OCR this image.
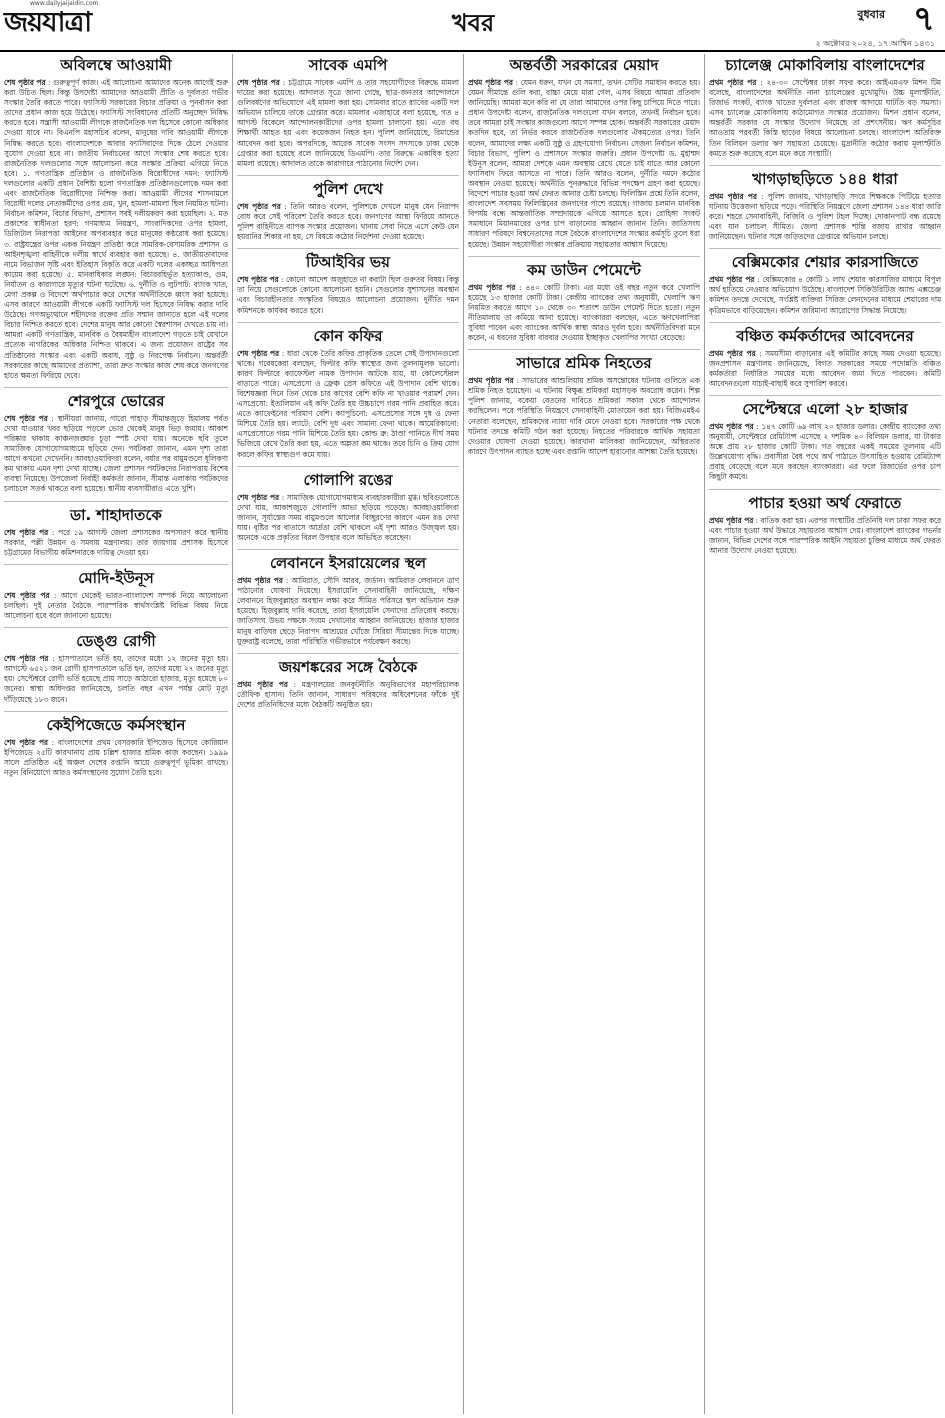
www.dailyjaijaidin.com
জয়যাত্রা	খবর	বুধবার ৭
২ অক্টোবর ২০২৪, ১৭ আশ্বিন ১৪৩১
অবিলম্বে আওয়ামী

শেষ পৃষ্ঠার পর : গুরুত্বপূর্ণ কাজ। এই আলোচনা আমাদের অনেক আগেই শুরু করা উচিত ছিল। কিন্তু উপদেষ্টা আমাদের আওয়ামী প্রীতি ও দুর্বলতা গভীর সংস্কার তৈরি করতে পারে। ফ্যাসিস্ট সরকারের বিচার প্রক্রিয়া ও পুনর্বাসন করা তাদের প্রধান কাজ হয়ে উঠেছে। ফ্যাসিস্ট সংবিধানের প্রতিটি অনুচ্ছেদ নিষিদ্ধ করতে হবে। সন্ত্রাসী আওয়ামী লীগকে রাজনৈতিক দল হিসেবে কোনো অধিকার দেওয়া যাবে না। বিএনপি মহাসচিব বলেন, মানুষের দাবি আওয়ামী লীগকে নিষিদ্ধ করতে হবে। বাংলাদেশকে আবার ফ্যাসিবাদের দিকে ঠেলে দেওয়ার সুযোগ দেওয়া হবে না। জাতীয় নির্বাচনের আগে সংস্কার শেষ করতে হবে। রাজনৈতিক দলগুলোর সঙ্গে আলোচনা করে সংস্কার প্রক্রিয়া এগিয়ে নিতে হবে। ১. গণতান্ত্রিক প্রতিষ্ঠান ও রাজনৈতিক বিরোধীদের দমন: ফ্যাসিস্ট দলগুলোর একটি প্রধান বৈশিষ্ট্য হলো গণতান্ত্রিক প্রতিষ্ঠানগুলোকে দমন করা এবং রাজনৈতিক বিরোধীদের নিশ্চিহ্ন করা। আওয়ামী লীগের শাসনামলে বিরোধী দলের নেতাকর্মীদের ওপর গুম, খুন, হামলা-মামলা ছিল নিয়মিত ঘটনা। নির্বাচন কমিশন, বিচার বিভাগ, প্রশাসন সবই দলীয়করণ করা হয়েছিল। ২. মত প্রকাশের স্বাধীনতা হরণ: গণমাধ্যম নিয়ন্ত্রণ, সাংবাদিকদের ওপর হামলা, ডিজিটাল নিরাপত্তা আইনের অপব্যবহার করে মানুষের কণ্ঠরোধ করা হয়েছে। ৩. রাষ্ট্রযন্ত্রের ওপর একক নিয়ন্ত্রণ প্রতিষ্ঠা করে সামরিক-বেসামরিক প্রশাসন ও আইনশৃঙ্খলা বাহিনীকে দলীয় স্বার্থে ব্যবহার করা হয়েছে। ৪. জাতীয়তাবাদের নামে বিভাজন সৃষ্টি এবং ইতিহাস বিকৃতি করে একটি দলের একচ্ছত্র আধিপত্য কায়েম করা হয়েছে। ৫. মানবাধিকার লঙ্ঘন: বিচারবহির্ভূত হত্যাকাণ্ড, গুম, নির্যাতন ও কারাগারে মৃত্যুর ঘটনা ঘটেছে। ৬. দুর্নীতি ও লুটপাট: ব্যাংক খাত, মেগা প্রকল্প ও বিদেশে অর্থপাচার করে দেশের অর্থনীতিকে ধ্বংস করা হয়েছে। এসব কারণে আওয়ামী লীগকে একটি ফ্যাসিস্ট দল হিসেবে নিষিদ্ধ করার দাবি উঠেছে। গণঅভ্যুত্থানে শহীদদের রক্তের প্রতি সম্মান জানাতে হলে এই দলের বিচার নিশ্চিত করতে হবে। দেশের মানুষ আর কোনো স্বৈরশাসন দেখতে চায় না। আমরা একটি গণতান্ত্রিক, মানবিক ও বৈষম্যহীন বাংলাদেশ গড়তে চাই যেখানে প্রত্যেক নাগরিকের অধিকার নিশ্চিত থাকবে। এ জন্য প্রয়োজন রাষ্ট্রের সব প্রতিষ্ঠানের সংস্কার এবং একটি অবাধ, সুষ্ঠু ও নিরপেক্ষ নির্বাচন। অন্তর্বর্তী সরকারের কাছে আমাদের প্রত্যাশা, তারা দ্রুত সংস্কার কাজ শেষ করে জনগণের হাতে ক্ষমতা ফিরিয়ে দেবে।

শেরপুরে ভোরের

শেষ পৃষ্ঠার পর : স্থানীয়রা জানায়, গারো পাহাড় সীমান্তজুড়ে হিমালয় পর্বত দেখা যাওয়ার খবর ছড়িয়ে পড়লে ভোর থেকেই মানুষ ভিড় জমায়। আকাশ পরিষ্কার থাকায় কাঞ্চনজঙ্ঘার চূড়া স্পষ্ট দেখা যায়। অনেকে ছবি তুলে সামাজিক যোগাযোগমাধ্যমে ছড়িয়ে দেন। পর্যটকরা জানান, এমন দৃশ্য তারা আগে কখনো দেখেননি। আবহাওয়াবিদরা বলেন, বর্ষার পর বায়ুমণ্ডলে ধূলিকণা কম থাকায় এমন দৃশ্য দেখা যাচ্ছে। জেলা প্রশাসন পর্যটকদের নিরাপত্তায় বিশেষ ব্যবস্থা নিয়েছে। উপজেলা নির্বাহী কর্মকর্তা জানান, সীমান্ত এলাকায় পর্যটকদের চলাচলে সতর্ক থাকতে বলা হয়েছে। স্থানীয় ব্যবসায়ীরাও এতে খুশি।

ডা. শাহাদাতকে

শেষ পৃষ্ঠার পর : পরে ১৯ আগস্ট জেলা প্রশাসকের অপসারণ করে স্থানীয় সরকার, পল্লী উন্নয়ন ও সমবায় মন্ত্রণালয়। তার জায়গায় প্রশাসক হিসেবে চট্টগ্রামের বিভাগীয় কমিশনারকে দায়িত্ব দেওয়া হয়।

মোদি-ইউনূস

শেষ পৃষ্ঠার পর : আগে থেকেই ভারত-বাংলাদেশ সম্পর্ক নিয়ে আলোচনা চলছিল। দুই নেতার বৈঠকে পারস্পরিক স্বার্থসংশ্লিষ্ট বিভিন্ন বিষয় নিয়ে আলোচনা হবে বলে জানানো হয়েছে।

ডেঙ্গু রোগী

শেষ পৃষ্ঠার পর : হাসপাতালে ভর্তি হয়, তাদের মধ্যে ১২ জনের মৃত্যু হয়। আগস্টে ৬৫২১ জন রোগী হাসপাতালে ভর্তি হন, তাদের মধ্যে ২৭ জনের মৃত্যু হয়। সেপ্টেম্বরে রোগী ভর্তি হয়েছে প্রায় সাড়ে আঠারো হাজার, মৃত্যু হয়েছে ৮০ জনের। স্বাস্থ্য অধিদপ্তর জানিয়েছে, চলতি বছর এখন পর্যন্ত মোট মৃত্যু দাঁড়িয়েছে ১৮৩ জনে।

কেইপিজেডে কর্মসংস্থান

শেষ পৃষ্ঠার পর : বাংলাদেশের প্রথম বেসরকারি ইপিজেড হিসেবে কোরিয়ান ইপিজেডে ২৫টি কারখানায় প্রায় চল্লিশ হাজার শ্রমিক কাজ করছেন। ১৯৯৯ সালে প্রতিষ্ঠিত এই অঞ্চল দেশের রপ্তানি আয়ে গুরুত্বপূর্ণ ভূমিকা রাখছে। নতুন বিনিয়োগে আরও কর্মসংস্থানের সুযোগ তৈরি হবে।

সাবেক এমপি

শেষ পৃষ্ঠার পর : চট্টগ্রামে সাবেক এমপি ও তার সহযোগীদের বিরুদ্ধে মামলা দায়ের করা হয়েছে। আদালত সূত্রে জানা গেছে, ছাত্র-জনতার আন্দোলনে গুলিবর্ষণের অভিযোগে এই মামলা করা হয়। সোমবার রাতে র‍্যাবের একটি দল অভিযান চালিয়ে তাকে গ্রেপ্তার করে। মামলার এজাহারে বলা হয়েছে, গত ৪ আগস্ট বিকেলে আন্দোলনকারীদের ওপর হামলা চালানো হয়। এতে বহু শিক্ষার্থী আহত হয় এবং কয়েকজন নিহত হন। পুলিশ জানিয়েছে, রিমান্ডের আবেদন করা হবে। অপরদিকে, আরেক সাবেক সংসদ সদস্যকে ঢাকা থেকে গ্রেপ্তার করা হয়েছে বলে জানিয়েছে ডিএমপি। তার বিরুদ্ধে একাধিক হত্যা মামলা রয়েছে। আদালত তাকে কারাগারে পাঠানোর নির্দেশ দেন।

পুলিশ দেখে

শেষ পৃষ্ঠার পর : তিনি আরও বলেন, পুলিশকে দেখলে মানুষ যেন নিরাপদ বোধ করে সেই পরিবেশ তৈরি করতে হবে। জনগণের আস্থা ফিরিয়ে আনতে পুলিশ বাহিনীতে ব্যাপক সংস্কার প্রয়োজন। থানায় সেবা নিতে এসে কেউ যেন হয়রানির শিকার না হয়, সে বিষয়ে কঠোর নির্দেশনা দেওয়া হয়েছে।

টিআইবির ভয়

শেষ পৃষ্ঠার পর : কোনো আদেশ অজুহাতে না করাটা ছিল গুরুতর বিষয়। কিন্তু তা নিয়ে সেগুলোকে কোনো আলোচনা হয়নি। সেগুলোর সুশাসনের অবস্থান এবং বিচারহীনতার সংস্কৃতির বিষয়েও আলোচনা প্রয়োজন। দুর্নীতি দমন কমিশনকে কার্যকর করতে হবে।

কোন কফির

শেষ পৃষ্ঠার পর : ধারা থেকে তৈরি কফির প্রাকৃতিক তেলে সেই উপাদানগুলো থাকে। গবেষকেরা বলছেন, ফিল্টার কফি স্বাস্থ্যের জন্য তুলনামূলক ভালো। কারণ ফিল্টারে ক্যাফেস্টল নামক উপাদান আটকে যায়, যা কোলেস্টেরল বাড়াতে পারে। এসপ্রেসো ও ফ্রেঞ্চ প্রেস কফিতে এই উপাদান বেশি থাকে। বিশেষজ্ঞরা দিনে তিন থেকে চার কাপের বেশি কফি না খাওয়ার পরামর্শ দেন। এসপ্রেসো: ইতালিয়ান এই কফি তৈরি হয় উচ্চচাপে গরম পানি প্রবাহিত করে। এতে ক্যাফেইনের পরিমাণ বেশি। ক্যাপুচিনো: এসপ্রেসোর সঙ্গে দুধ ও ফেনা মিশিয়ে তৈরি হয়। ল্যাটে: বেশি দুধ এবং সামান্য ফেনা থাকে। আমেরিকানো: এসপ্রেসোতে গরম পানি মিশিয়ে তৈরি হয়। কোল্ড ব্রু: ঠাণ্ডা পানিতে দীর্ঘ সময় ভিজিয়ে রেখে তৈরি করা হয়, এতে অম্লতা কম থাকে। তবে চিনি ও ক্রিম যোগ করলে কফির স্বাস্থ্যগুণ কমে যায়।

গোলাপি রঙের

শেষ পৃষ্ঠার পর : সামাজিক যোগাযোগমাধ্যম ব্যবহারকারীরা মুগ্ধ। ছবিগুলোতে দেখা যায়, আকাশজুড়ে গোলাপি আভা ছড়িয়ে পড়েছে। আবহাওয়াবিদরা জানান, সূর্যাস্তের সময় বায়ুমণ্ডলে আলোর বিচ্ছুরণের কারণে এমন রঙ দেখা যায়। বৃষ্টির পর বাতাসে আর্দ্রতা বেশি থাকলে এই দৃশ্য আরও উজ্জ্বল হয়। অনেকে একে প্রকৃতির বিরল উপহার বলে অভিহিত করেছেন।

লেবাননে ইসরায়েলের স্থল

প্রথম পৃষ্ঠার পর : আমিরাত, সৌদি আরব, জর্ডান। আমিরাত লেবাননে ত্রাণ পাঠানোর ঘোষণা দিয়েছে। ইসরায়েলি সেনাবাহিনী জানিয়েছে, দক্ষিণ লেবাননে হিজবুল্লাহর অবস্থান লক্ষ্য করে সীমিত পরিসরে স্থল অভিযান শুরু হয়েছে। হিজবুল্লাহ দাবি করেছে, তারা ইসরায়েলি সেনাদের প্রতিরোধ করছে। জাতিসংঘ উভয় পক্ষকে সংযম দেখানোর আহ্বান জানিয়েছে। হাজার হাজার মানুষ বাড়িঘর ছেড়ে নিরাপদ আশ্রয়ের খোঁজে সিরিয়া সীমান্তের দিকে যাচ্ছে। যুক্তরাষ্ট্র বলেছে, তারা পরিস্থিতি গভীরভাবে পর্যবেক্ষণ করছে।

জয়শঙ্করের সঙ্গে বৈঠকে

প্রথম পৃষ্ঠার পর : মন্ত্রণালয়ের জনকূটনীতি অনুবিভাগের মহাপরিচালক তৌফিক হাসান। তিনি জানান, সাধারণ পরিষদের অধিবেশনের ফাঁকে দুই দেশের প্রতিনিধিদের মধ্যে বৈঠকটি অনুষ্ঠিত হয়।

অন্তর্বর্তী সরকারের মেয়াদ

প্রথম পৃষ্ঠার পর : যেমন ধরুন, যখন যে সমস্যা, তখন সেটির সমাধান করতে হয়। যেমন সীমান্তে গুলি করা, বাচ্চা মেয়ে মারা গেল, এসব বিষয়ে আমরা প্রতিবাদ জানিয়েছি। আমরা মনে করি না যে তারা আমাদের ওপর কিছু চাপিয়ে দিতে পারে। প্রধান উপদেষ্টা বলেন, রাজনৈতিক দলগুলো যখন বলবে, তখনই নির্বাচন হবে। তবে আমরা চাই সংস্কার কাজগুলো আগে সম্পন্ন হোক। অন্তর্বর্তী সরকারের মেয়াদ কতদিন হবে, তা নির্ভর করবে রাজনৈতিক দলগুলোর ঐকমত্যের ওপর। তিনি বলেন, আমাদের লক্ষ্য একটি সুষ্ঠু ও গ্রহণযোগ্য নির্বাচন। সেজন্য নির্বাচন কমিশন, বিচার বিভাগ, পুলিশ ও প্রশাসনে সংস্কার জরুরি। প্রধান উপদেষ্টা ড. মুহাম্মদ ইউনূস বলেন, আমরা দেশকে এমন অবস্থায় রেখে যেতে চাই যাতে আর কোনো ফ্যাসিবাদ ফিরে আসতে না পারে। তিনি আরও বলেন, দুর্নীতি দমনে কঠোর অবস্থান নেওয়া হয়েছে। অর্থনীতি পুনরুদ্ধারে বিভিন্ন পদক্ষেপ গ্রহণ করা হয়েছে। বিদেশে পাচার হওয়া অর্থ ফেরত আনার চেষ্টা চলছে। ফিলিস্তিন প্রশ্নে তিনি বলেন, বাংলাদেশ সবসময় ফিলিস্তিনের জনগণের পাশে রয়েছে। গাজায় চলমান মানবিক বিপর্যয় বন্ধে আন্তর্জাতিক সম্প্রদায়কে এগিয়ে আসতে হবে। রোহিঙ্গা সংকট সমাধানে মিয়ানমারের ওপর চাপ বাড়ানোর আহ্বান জানান তিনি। জাতিসংঘ সাধারণ পরিষদে বিশ্বনেতাদের সঙ্গে বৈঠকে বাংলাদেশের সংস্কার কর্মসূচি তুলে ধরা হয়েছে। উন্নয়ন সহযোগীরা সংস্কার প্রক্রিয়ায় সহায়তার আশ্বাস দিয়েছে।

কম ডাউন পেমেন্টে

প্রথম পৃষ্ঠার পর : ৪৪০ কোটি টাকা। এর মধ্যে ওই বছর নতুন করে খেলাপি হয়েছে ১৩ হাজার কোটি টাকা। কেন্দ্রীয় ব্যাংকের তথ্য অনুযায়ী, খেলাপি ঋণ নিয়মিত করতে আগে ১০ থেকে ৩০ শতাংশ ডাউন পেমেন্ট দিতে হতো। নতুন নীতিমালায় তা কমিয়ে আনা হয়েছে। ব্যাংকাররা বলছেন, এতে ঋণখেলাপিরা সুবিধা পাবেন এবং ব্যাংকের আর্থিক স্বাস্থ্য আরও দুর্বল হবে। অর্থনীতিবিদরা মনে করেন, এ ধরনের সুবিধা বারবার দেওয়ায় ইচ্ছাকৃত খেলাপির সংখ্যা বেড়েছে।

সাভারে শ্রমিক নিহতের

প্রথম পৃষ্ঠার পর : সাভারের আশুলিয়ায় শ্রমিক অসন্তোষের ঘটনায় গুলিতে এক শ্রমিক নিহত হয়েছেন। এ ঘটনায় বিক্ষুব্ধ শ্রমিকরা মহাসড়ক অবরোধ করেন। শিল্প পুলিশ জানায়, বকেয়া বেতনের দাবিতে শ্রমিকরা সকাল থেকে আন্দোলন করছিলেন। পরে পরিস্থিতি নিয়ন্ত্রণে সেনাবাহিনী মোতায়েন করা হয়। বিজিএমইএ নেতারা বলেছেন, শ্রমিকদের ন্যায্য দাবি মেনে নেওয়া হবে। সরকারের পক্ষ থেকে ঘটনার তদন্তে কমিটি গঠন করা হয়েছে। নিহতের পরিবারকে আর্থিক সহায়তা দেওয়ার ঘোষণা দেওয়া হয়েছে। কারখানা মালিকরা জানিয়েছেন, অস্থিরতার কারণে উৎপাদন ব্যাহত হচ্ছে এবং রপ্তানি আদেশ হারানোর আশঙ্কা তৈরি হয়েছে।

চ্যালেঞ্জ মোকাবিলায় বাংলাদেশের

প্রথম পৃষ্ঠার পর : ২৪-৩০ সেপ্টেম্বর ঢাকা সফর করে। আইএমএফ মিশন টিম বলেছে, বাংলাদেশের অর্থনীতি নানা চ্যালেঞ্জের মুখোমুখি। উচ্চ মূল্যস্ফীতি, রিজার্ভ সংকট, ব্যাংক খাতের দুর্বলতা এবং রাজস্ব আদায়ে ঘাটতি বড় সমস্যা। এসব চ্যালেঞ্জ মোকাবিলায় কাঠামোগত সংস্কার প্রয়োজন। মিশন প্রধান বলেন, অন্তর্বর্তী সরকার যে সংস্কার উদ্যোগ নিয়েছে তা প্রশংসনীয়। ঋণ কর্মসূচির আওতায় পরবর্তী কিস্তি ছাড়ের বিষয়ে আলোচনা চলছে। বাংলাদেশ অতিরিক্ত তিন বিলিয়ন ডলার ঋণ সহায়তা চেয়েছে। মুদ্রানীতি কঠোর করায় মূল্যস্ফীতি কমতে শুরু করেছে বলে মনে করে সংস্থাটি।

খাগড়াছড়িতে ১৪৪ ধারা

প্রথম পৃষ্ঠার পর : পুলিশ জানায়, খাগড়াছড়ি সদরে শিক্ষককে পিটিয়ে হত্যার ঘটনায় উত্তেজনা ছড়িয়ে পড়ে। পরিস্থিতি নিয়ন্ত্রণে জেলা প্রশাসন ১৪৪ ধারা জারি করে। শহরে সেনাবাহিনী, বিজিবি ও পুলিশ টহল দিচ্ছে। দোকানপাট বন্ধ রয়েছে এবং যান চলাচল সীমিত। জেলা প্রশাসক শান্তি বজায় রাখার আহ্বান জানিয়েছেন। ঘটনার সঙ্গে জড়িতদের গ্রেপ্তারে অভিযান চলছে।

বেক্সিমকোর শেয়ার কারসাজিতে

প্রথম পৃষ্ঠার পর : বেক্সিমকোর ৪ কোটি ১ লাখ শেয়ার কারসাজির মাধ্যমে বিপুল অর্থ হাতিয়ে নেওয়ার অভিযোগ উঠেছে। বাংলাদেশ সিকিউরিটিজ অ্যান্ড এক্সচেঞ্জ কমিশন তদন্তে দেখেছে, সংশ্লিষ্ট ব্যক্তিরা সিরিজ লেনদেনের মাধ্যমে শেয়ারের দাম কৃত্রিমভাবে বাড়িয়েছেন। কমিশন জরিমানা আরোপের সিদ্ধান্ত নিয়েছে।

বঞ্চিত কর্মকর্তাদের আবেদনের

প্রথম পৃষ্ঠার পর : সময়সীমা বাড়ানোর এই কমিটির কাছে সময় দেওয়া হয়েছে। জনপ্রশাসন মন্ত্রণালয় জানিয়েছে, বিগত সরকারের সময়ে পদোন্নতি বঞ্চিত কর্মকর্তারা নির্ধারিত সময়ের মধ্যে আবেদন জমা দিতে পারবেন। কমিটি আবেদনগুলো যাচাই-বাছাই করে সুপারিশ করবে।

সেপ্টেম্বরে এলো ২৮ হাজার

প্রথম পৃষ্ঠার পর : ১৪৭ কোটি ৬৯ লাখ ২০ হাজার ডলার। কেন্দ্রীয় ব্যাংকের তথ্য অনুযায়ী, সেপ্টেম্বরে রেমিট্যান্স এসেছে ২ দশমিক ৪০ বিলিয়ন ডলার, যা টাকার অঙ্কে প্রায় ২৮ হাজার কোটি টাকা। গত বছরের একই সময়ের তুলনায় এটি উল্লেখযোগ্য বৃদ্ধি। প্রবাসীরা বৈধ পথে অর্থ পাঠাতে উৎসাহিত হওয়ায় রেমিট্যান্স প্রবাহ বেড়েছে বলে মনে করছেন ব্যাংকাররা। এর ফলে রিজার্ভের ওপর চাপ কিছুটা কমবে।

পাচার হওয়া অর্থ ফেরাতে

প্রথম পৃষ্ঠার পর : বাতিক করা হয়। এরপর সংস্থাটির প্রতিনিধি দল ঢাকা সফর করে এবং পাচার হওয়া অর্থ উদ্ধারে সহায়তার আশ্বাস দেয়। বাংলাদেশ ব্যাংকের গভর্নর জানান, বিভিন্ন দেশের সঙ্গে পারস্পরিক আইনি সহায়তা চুক্তির মাধ্যমে অর্থ ফেরত আনার উদ্যোগ নেওয়া হয়েছে।
